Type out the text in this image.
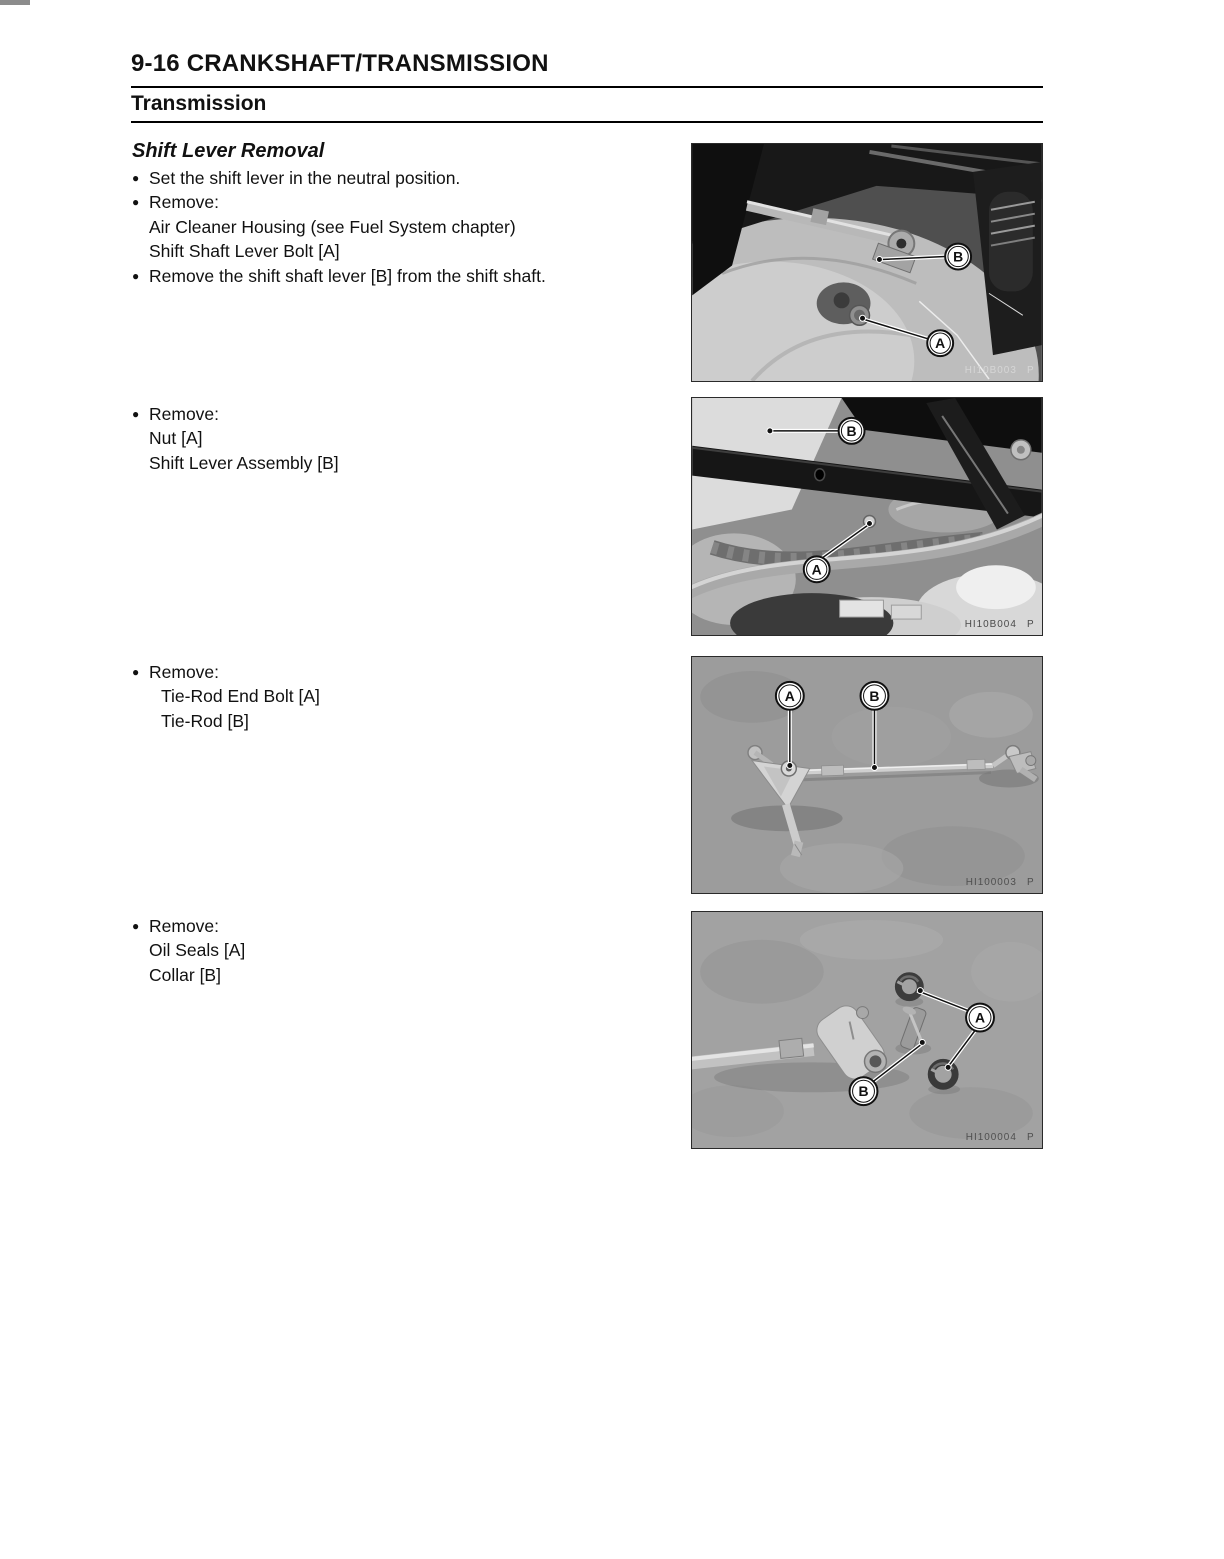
9-16 CRANKSHAFT/TRANSMISSION
Transmission
Shift Lever Removal
● Set the shift lever in the neutral position.
● Remove:
Air Cleaner Housing (see Fuel System chapter)
Shift Shaft Lever Bolt [A]
● Remove the shift shaft lever [B] from the shift shaft.
● Remove:
Nut [A]
Shift Lever Assembly [B]
● Remove:
Tie-Rod End Bolt [A]
Tie-Rod [B]
● Remove:
Oil Seals [A]
Collar [B]
B
A
HI10B003 P
B
A
HI10B004 P
A	B
HI100003 P
A
B
HI100004 P
